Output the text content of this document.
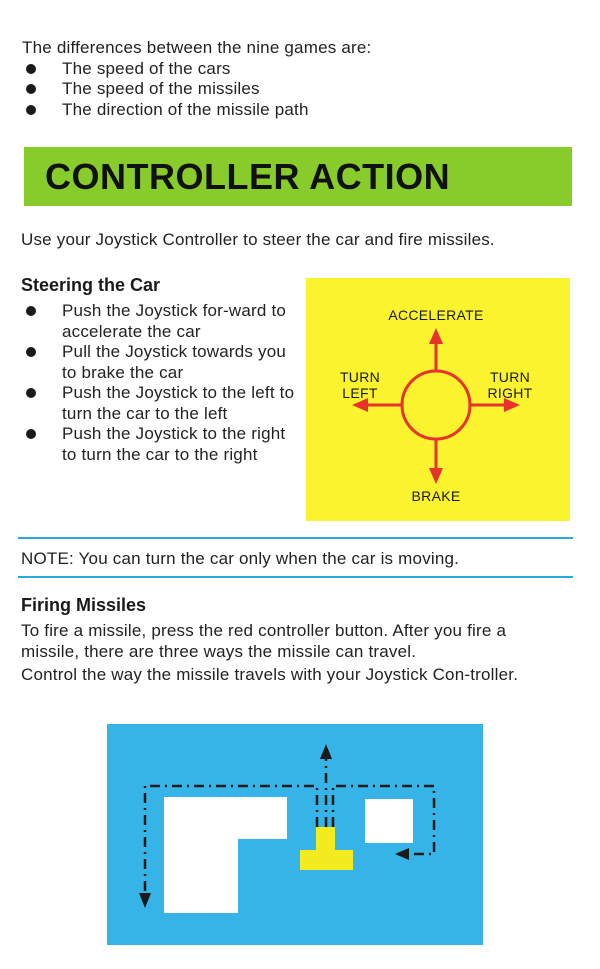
The differences between the nine games are:
The speed of the cars
The speed of the missiles
The direction of the missile path
CONTROLLER ACTION
Use your Joystick Controller to steer the car and fire missiles.
Steering the Car
Push the Joystick for-ward to accelerate the car
Pull the Joystick towards you to brake the car
Push the Joystick to the left to turn the car to the left
Push the Joystick to the right to turn the car to the right
ACCELERATE
TURN
LEFT
TURN
RIGHT
BRAKE
NOTE: You can turn the car only when the car is moving.
Firing Missiles
To fire a missile, press the red controller button. After you fire a missile, there are three ways the missile can travel.
Control the way the missile travels with your Joystick Con-troller.
